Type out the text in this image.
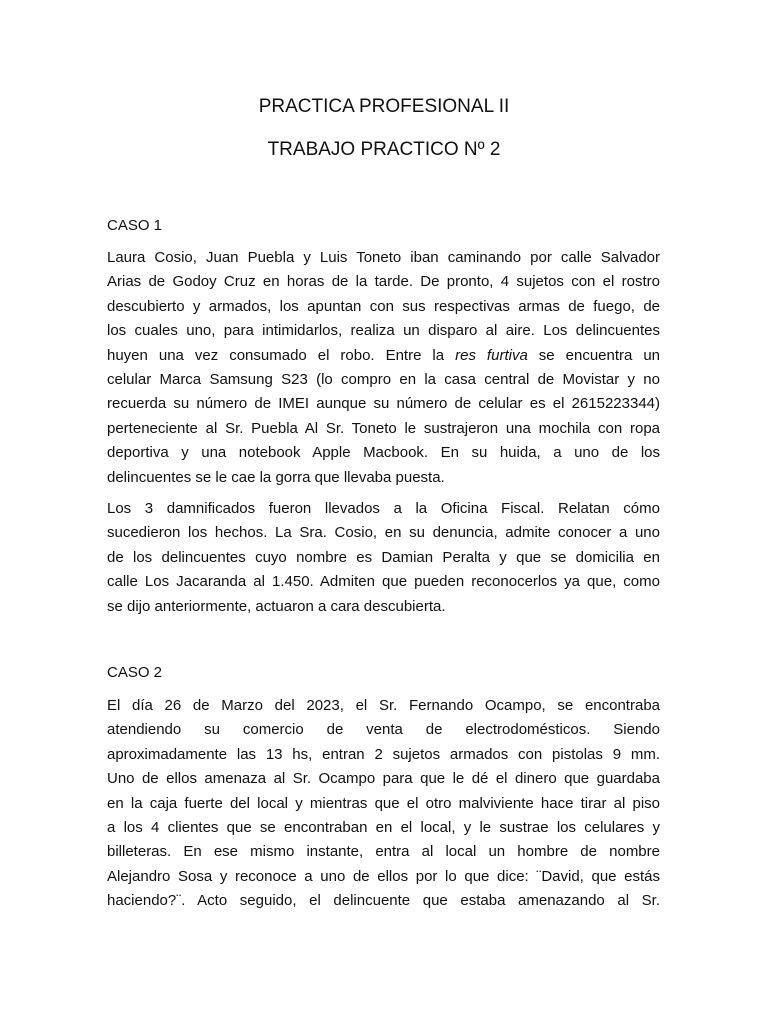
PRACTICA PROFESIONAL II
TRABAJO PRACTICO Nº 2
CASO 1
Laura Cosio, Juan Puebla y Luis Toneto iban caminando por calle Salvador
Arias de Godoy Cruz en horas de la tarde. De pronto, 4 sujetos con el rostro
descubierto y armados, los apuntan con sus respectivas armas de fuego, de
los cuales uno, para intimidarlos, realiza un disparo al aire. Los delincuentes
huyen una vez consumado el robo. Entre la res furtiva se encuentra un
celular Marca Samsung S23 (lo compro en la casa central de Movistar y no
recuerda su número de IMEI aunque su número de celular es el 2615223344)
perteneciente al Sr. Puebla Al Sr. Toneto le sustrajeron una mochila con ropa
deportiva y una notebook Apple Macbook. En su huida, a uno de los
delincuentes se le cae la gorra que llevaba puesta.
Los 3 damnificados fueron llevados a la Oficina Fiscal. Relatan cómo
sucedieron los hechos. La Sra. Cosio, en su denuncia, admite conocer a uno
de los delincuentes cuyo nombre es Damian Peralta y que se domicilia en
calle Los Jacaranda al 1.450. Admiten que pueden reconocerlos ya que, como
se dijo anteriormente, actuaron a cara descubierta.
CASO 2
El día 26 de Marzo del 2023, el Sr. Fernando Ocampo, se encontraba
atendiendo su comercio de venta de electrodomésticos. Siendo
aproximadamente las 13 hs, entran 2 sujetos armados con pistolas 9 mm.
Uno de ellos amenaza al Sr. Ocampo para que le dé el dinero que guardaba
en la caja fuerte del local y mientras que el otro malviviente hace tirar al piso
a los 4 clientes que se encontraban en el local, y le sustrae los celulares y
billeteras. En ese mismo instante, entra al local un hombre de nombre
Alejandro Sosa y reconoce a uno de ellos por lo que dice: ¨David, que estás
haciendo?¨. Acto seguido, el delincuente que estaba amenazando al Sr.
